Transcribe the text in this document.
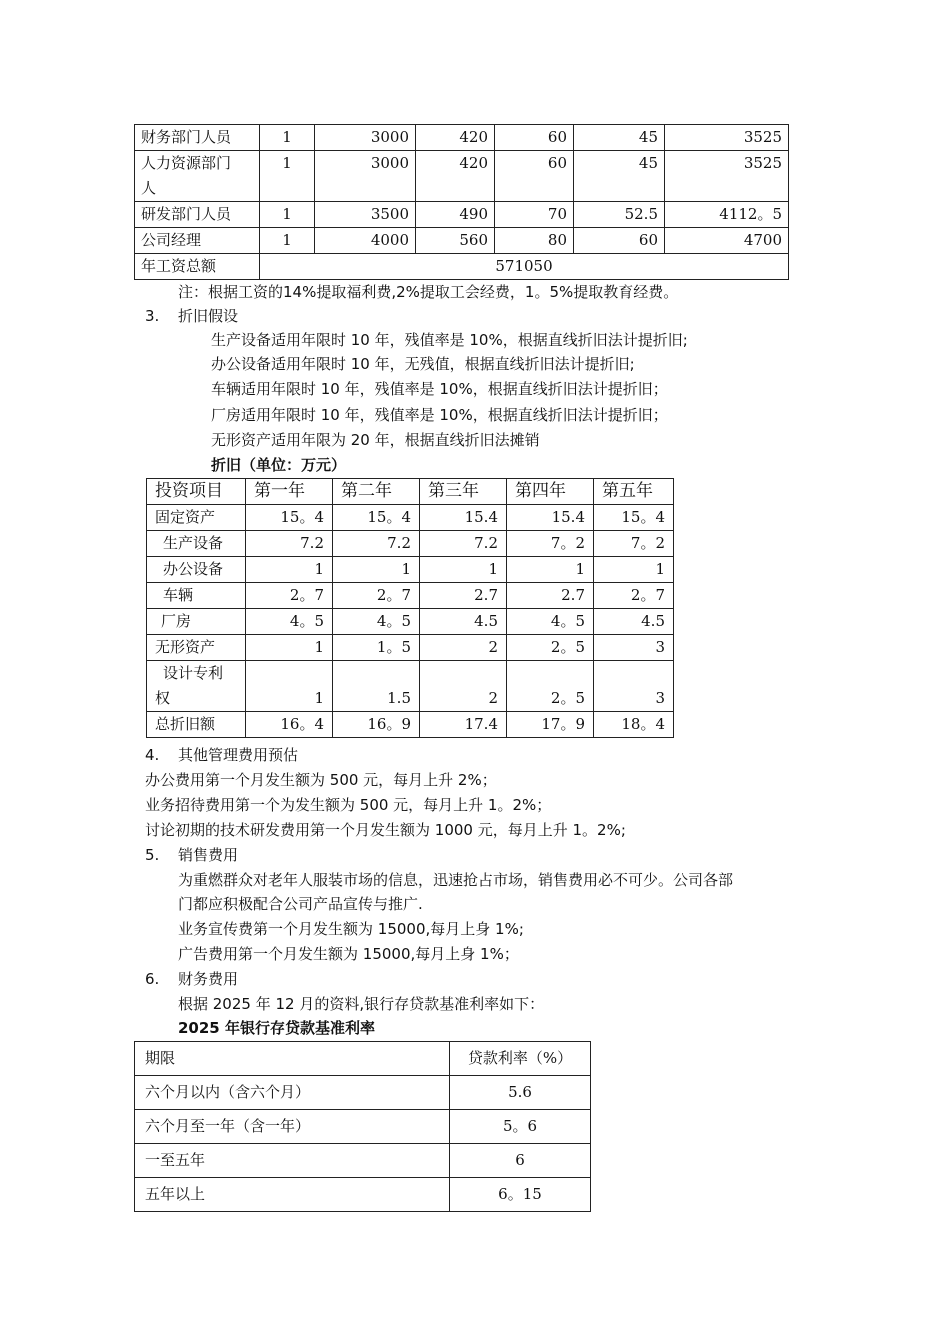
财务部门人员	1	3000	420	60	45	3525

人力资源部门
人	1	3000	420	60	45	3525
研发部门人员	1	3500	490	70	52.5	4112。5
公司经理	1	4000	560	80	60	4700
年工资总额	571050					
注：根据工资的14%提取福利费,2%提取工会经费，1。5%提取教育经费。
3. 折旧假设
生产设备适用年限时 10 年，残值率是 10%，根据直线折旧法计提折旧;
办公设备适用年限时 10 年，无残值，根据直线折旧法计提折旧;
车辆适用年限时 10 年，残值率是 10%，根据直线折旧法计提折旧；
厂房适用年限时 10 年，残值率是 10%，根据直线折旧法计提折旧；
无形资产适用年限为 20 年，根据直线折旧法摊销
折旧（单位：万元）
投资项目	第一年	第二年	第三年	第四年	第五年
固定资产	15。4	15。4	15.4	15.4	15。4
生产设备	7.2	7.2	7.2	7。2	7。2
办公设备	1	1	1	1	1
车辆	2。7	2。7	2.7	2.7	2。7
厂房	4。5	4。5	4.5	4。5	4.5
无形资产	1	1。5	2	2。5	3

设计专利
权	1	1.5	2	2。5	3
总折旧额	16。4	16。9	17.4	17。9	18。4
4. 其他管理费用预估
办公费用第一个月发生额为 500 元，每月上升 2%；
业务招待费用第一个为发生额为 500 元，每月上升 1。2%；
讨论初期的技术研发费用第一个月发生额为 1000 元，每月上升 1。2%;
5. 销售费用
为重燃群众对老年人服装市场的信息，迅速抢占市场，销售费用必不可少。公司各部
门都应积极配合公司产品宣传与推广.
业务宣传费第一个月发生额为 15000,每月上身 1%;
广告费用第一个月发生额为 15000,每月上身 1%；
6. 财务费用
根据 2025 年 12 月的资料,银行存贷款基准利率如下：
2025 年银行存贷款基准利率
期限	贷款利率（%）
六个月以内（含六个月）	5.6
六个月至一年（含一年）	5。6
一至五年	6
五年以上	6。15
